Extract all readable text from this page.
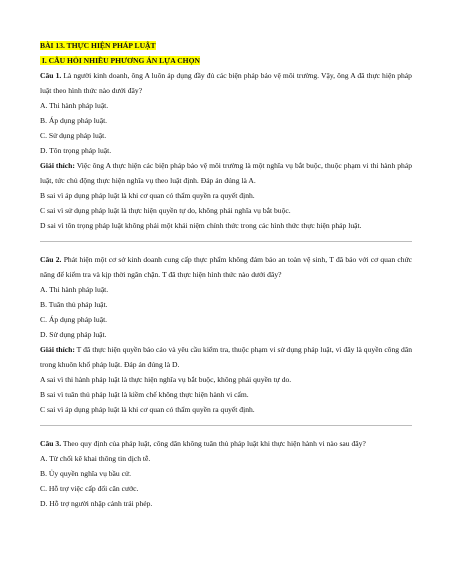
BÀI 13. THỰC HIỆN PHÁP LUẬT
I. CÂU HỎI NHIỀU PHƯƠNG ÁN LỰA CHỌN

Câu 1. Là người kinh doanh, ông A luôn áp dụng đầy đủ các biện pháp bảo vệ môi trường. Vậy, ông A đã thực hiện pháp luật theo hình thức nào dưới đây?

A. Thi hành pháp luật.

B. Áp dụng pháp luật.

C. Sử dụng pháp luật.

D. Tôn trọng pháp luật.

Giải thích: Việc ông A thực hiện các biện pháp bảo vệ môi trường là một nghĩa vụ bắt buộc, thuộc phạm vi thi hành pháp luật, tức chủ động thực hiện nghĩa vụ theo luật định. Đáp án đúng là A.

B sai vì áp dụng pháp luật là khi cơ quan có thẩm quyền ra quyết định.

C sai vì sử dụng pháp luật là thực hiện quyền tự do, không phải nghĩa vụ bắt buộc.

D sai vì tôn trọng pháp luật không phải một khái niệm chính thức trong các hình thức thực hiện pháp luật.

Câu 2. Phát hiện một cơ sở kinh doanh cung cấp thực phẩm không đảm bảo an toàn vệ sinh, T đã báo với cơ quan chức năng để kiểm tra và kịp thời ngăn chặn. T đã thực hiện hình thức nào dưới đây?

A. Thi hành pháp luật.

B. Tuân thủ pháp luật.

C. Áp dụng pháp luật.

D. Sử dụng pháp luật.

Giải thích: T đã thực hiện quyền báo cáo và yêu cầu kiểm tra, thuộc phạm vi sử dụng pháp luật, vì đây là quyền công dân trong khuôn khổ pháp luật. Đáp án đúng là D.

A sai vì thi hành pháp luật là thực hiện nghĩa vụ bắt buộc, không phải quyền tự do.

B sai vì tuân thủ pháp luật là kiềm chế không thực hiện hành vi cấm.

C sai vì áp dụng pháp luật là khi cơ quan có thẩm quyền ra quyết định.

Câu 3. Theo quy định của pháp luật, công dân không tuân thủ pháp luật khi thực hiện hành vi nào sau đây?

A. Từ chối kê khai thông tin dịch tễ.

B. Ủy quyền nghĩa vụ bầu cử.

C. Hỗ trợ việc cấp đổi căn cước.

D. Hỗ trợ người nhập cảnh trái phép.
